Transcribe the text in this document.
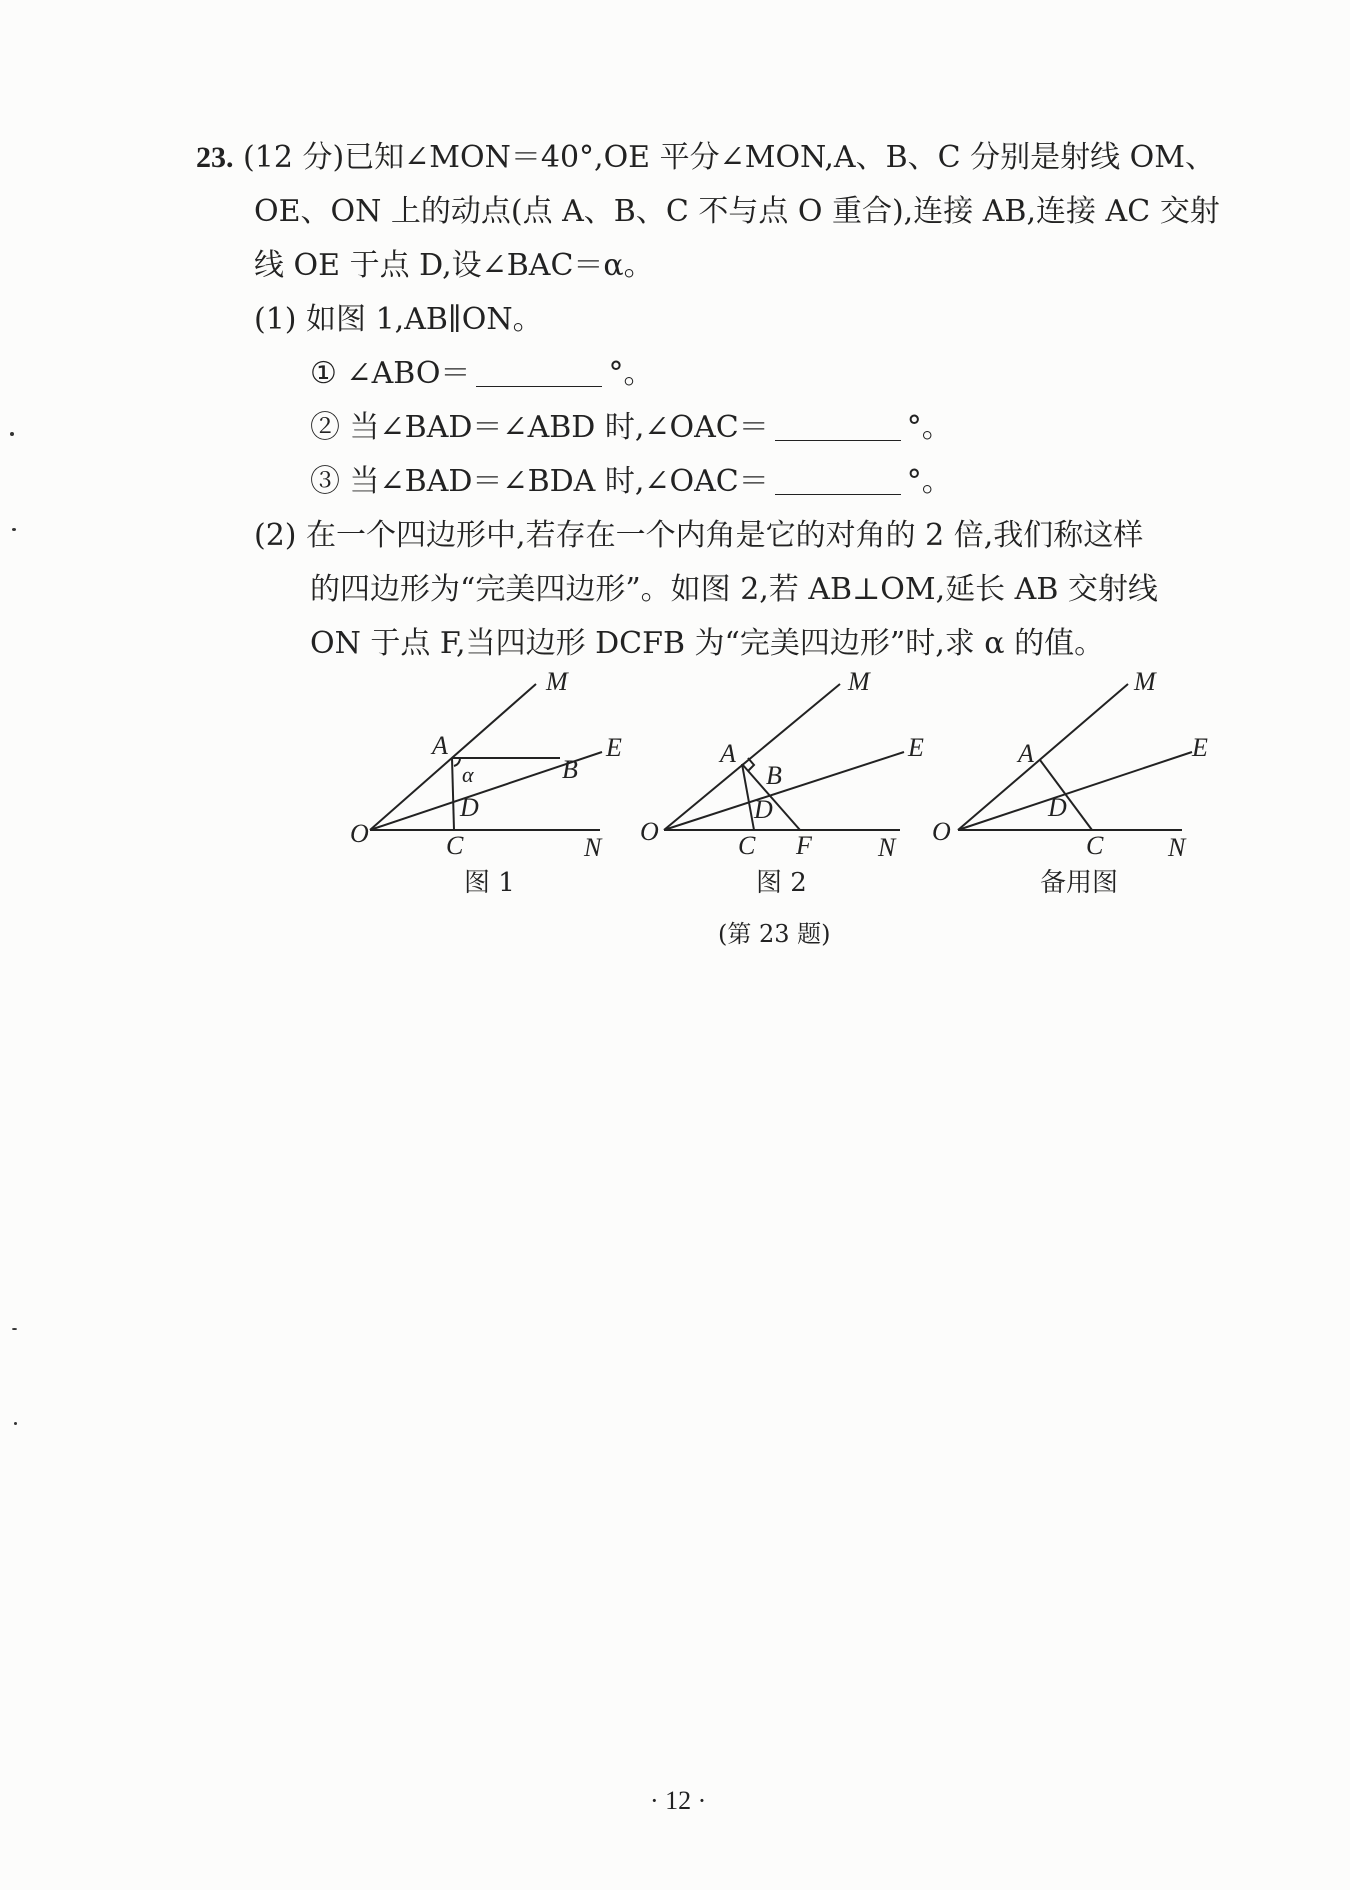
23. (12 分)已知∠MON＝40°,OE 平分∠MON,A、B、C 分别是射线 OM、
OE、ON 上的动点(点 A、B、C 不与点 O 重合),连接 AB,连接 AC 交射
线 OE 于点 D,设∠BAC＝α。
(1) 如图 1,AB∥ON。
① ∠ABO＝	°。
② 当∠BAD＝∠ABD 时,∠OAC＝	°。
③ 当∠BAD＝∠BDA 时,∠OAC＝	°。
(2) 在一个四边形中,若存在一个内角是它的对角的 2 倍,我们称这样
的四边形为“完美四边形”。如图 2,若 AB⊥OM,延长 AB 交射线
ON 于点 F,当四边形 DCFB 为“完美四边形”时,求 α 的值。
O
A
B
C
D
E
M
N
α
图 1
O
A
B
C
D
F
E
M
N
图 2
O
A
D
C
E
M
N
备用图
(第 23 题)
· 12 ·
